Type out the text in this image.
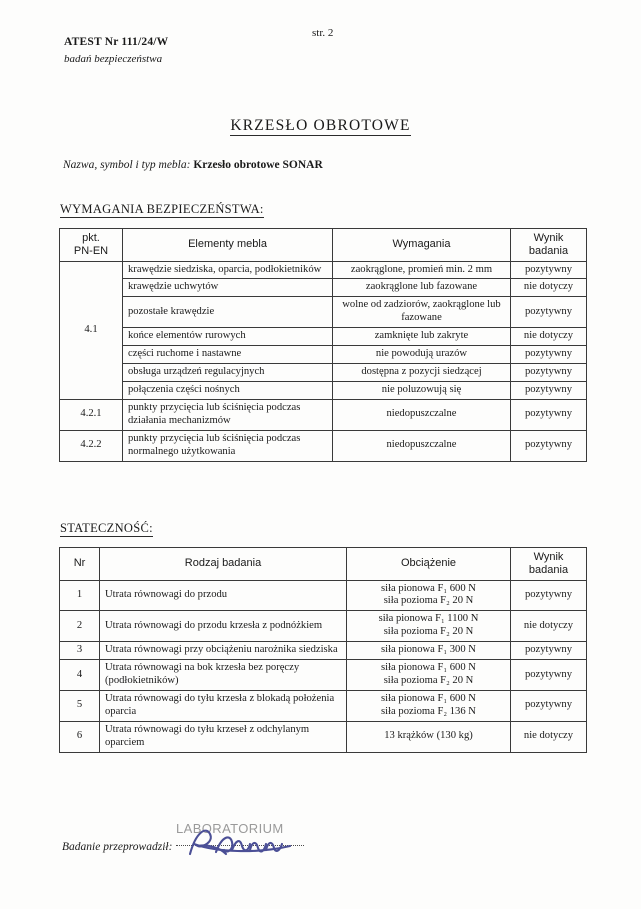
ATEST Nr 111/24/W
badań bezpieczeństwa
str. 2
KRZESŁO OBROTOWE
Nazwa, symbol i typ mebla: Krzesło obrotowe SONAR
WYMAGANIA BEZPIECZEŃSTWA:
pkt.
PN-EN	Elementy mebla	Wymagania	Wynik
badania
4.1	krawędzie siedziska, oparcia, podłokietników	zaokrąglone, promień min. 2 mm	pozytywny
	krawędzie uchwytów	zaokrąglone lub fazowane	nie dotyczy
	pozostałe krawędzie	wolne od zadziorów, zaokrąglone lub fazowane	pozytywny
	końce elementów rurowych	zamknięte lub zakryte	nie dotyczy
	części ruchome i nastawne	nie powodują urazów	pozytywny
	obsługa urządzeń regulacyjnych	dostępna z pozycji siedzącej	pozytywny
	połączenia części nośnych	nie poluzowują się	pozytywny
4.2.1	punkty przycięcia lub ściśnięcia podczas działania mechanizmów	niedopuszczalne	pozytywny
4.2.2	punkty przycięcia lub ściśnięcia podczas normalnego użytkowania	niedopuszczalne	pozytywny
STATECZNOŚĆ:
Nr	Rodzaj badania	Obciążenie	Wynik
badania
1	Utrata równowagi do przodu	siła pionowa F₁ 600 N
siła pozioma F₂ 20 N	pozytywny
2	Utrata równowagi do przodu krzesła z podnóżkiem	siła pionowa F₁ 1100 N
siła pozioma F₂ 20 N	nie dotyczy
3	Utrata równowagi przy obciążeniu narożnika siedziska	siła pionowa F₁ 300 N	pozytywny
4	Utrata równowagi na bok krzesła bez poręczy (podłokietników)	siła pionowa F₁ 600 N
siła pozioma F₂ 20 N	pozytywny
5	Utrata równowagi do tyłu krzesła z blokadą położenia oparcia	siła pionowa F₁ 600 N
siła pozioma F₂ 136 N	pozytywny
6	Utrata równowagi do tyłu krzeseł z odchylanym oparciem	13 krążków (130 kg)	nie dotyczy
Badanie przeprowadził:
LABORATORIUM
